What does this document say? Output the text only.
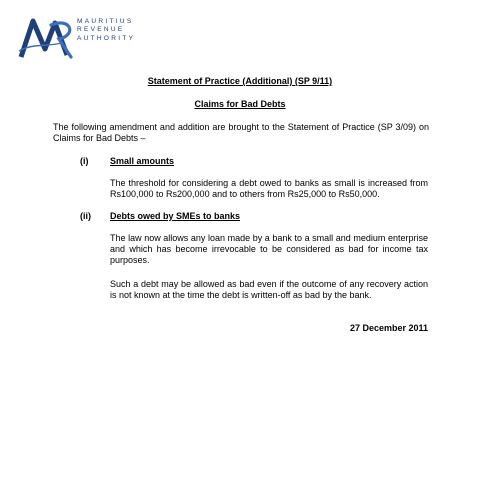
MAURITIUS
REVENUE
AUTHORITY

Statement of Practice (Additional) (SP 9/11)

Claims for Bad Debts

The following amendment and addition are brought to the Statement of Practice (SP 3/09) on Claims for Bad Debts –

(i) Small amounts

The threshold for considering a debt owed to banks as small is increased from Rs100,000 to Rs200,000 and to others from Rs25,000 to Rs50,000.

(ii) Debts owed by SMEs to banks

The law now allows any loan made by a bank to a small and medium enterprise and which has become irrevocable to be considered as bad for income tax purposes.

Such a debt may be allowed as bad even if the outcome of any recovery action is not known at the time the debt is written-off as bad by the bank.

27 December 2011
